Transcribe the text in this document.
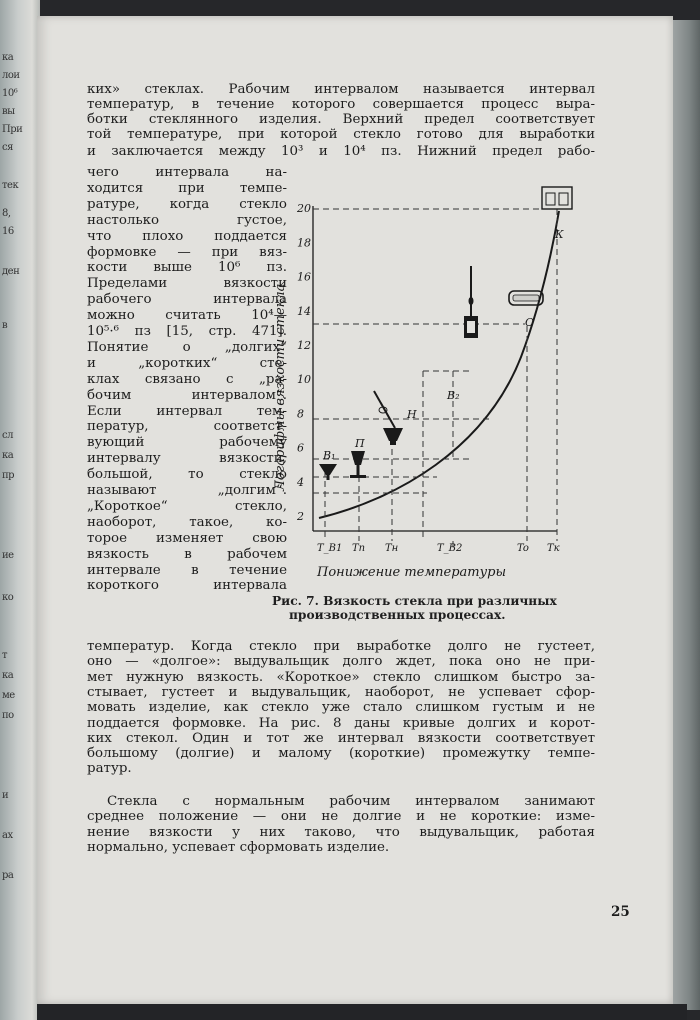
ка
лои
10⁶
вы
При
ся
тек
8,
16
ден
в
сл
ка
пр
ие
ко
т
ка
ме
по
и
ах
ра
ких» стеклах. Рабочим интервалом называется интервал
температур, в течение которого совершается процесс выра-
ботки стеклянного изделия. Верхний предел соответствует
той температуре, при которой стекло готово для выработки
и заключается между 10³ и 10⁴ пз. Нижний предел рабо-
чего интервала на-
ходится при темпе-
ратуре, когда стекло
настолько густое,
что плохо поддается
формовке — при вяз-
кости выше 10⁶ пз.
Пределами вязкости
рабочего интервала
можно считать 10⁴—
10⁵·⁶ пз [15, стр. 471].
Понятие о „долгих“
и „коротких“ сте-
клах связано с „ра-
бочим интервалом“.
Если интервал тем-
ператур, соответст-
вующий рабочему
интервалу вязкости,
большой, то стекло
называют „долгим“.
„Короткое“ стекло,
наоборот, такое, ко-
торое изменяет свою
вязкость в рабочем
интервале в течение
короткого интервала
2
4
6
8
10
12
14
16
18
20
T_B1 Tп Tн	T_B2	To Tк
B₁
П
Н
B₂
О
К
Логарифмы вязкости стекла
Понижение температуры
Рис. 7. Вязкость стекла при различных
производственных процессах.
температур. Когда стекло при выработке долго не густеет,
оно — «долгое»: выдувальщик долго ждет, пока оно не при-
мет нужную вязкость. «Короткое» стекло слишком быстро за-
стывает, густеет и выдувальщик, наоборот, не успевает сфор-
мовать изделие, как стекло уже стало слишком густым и не
поддается формовке. На рис. 8 даны кривые долгих и корот-
ких стекол. Один и тот же интервал вязкости соответствует
большому (долгие) и малому (короткие) промежутку темпе-
ратур.
Стекла с нормальным рабочим интервалом занимают
среднее положение — они не долгие и не короткие: изме-
нение вязкости у них таково, что выдувальщик, работая
нормально, успевает сформовать изделие.
25
